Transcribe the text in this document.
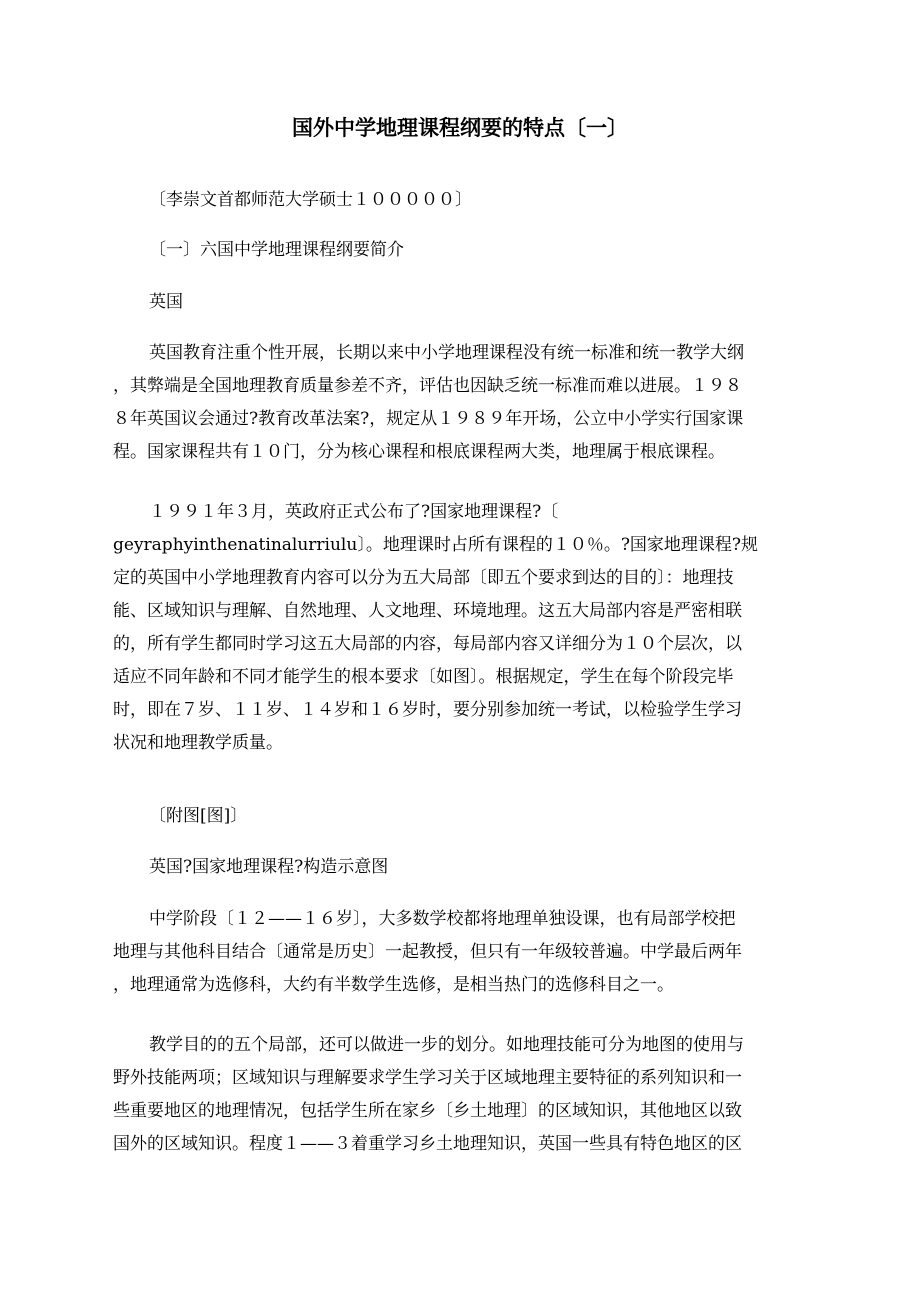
国外中学地理课程纲要的特点〔一〕
〔李崇文首都师范大学硕士１０００００〕
〔一〕六国中学地理课程纲要简介
英国
英国教育注重个性开展，长期以来中小学地理课程没有统一标准和统一教学大纲
，其弊端是全国地理教育质量参差不齐，评估也因缺乏统一标准而难以进展。１９８
８年英国议会通过?教育改革法案?，规定从１９８９年开场，公立中小学实行国家课
程。国家课程共有１０门，分为核心课程和根底课程两大类，地理属于根底课程。
１９９１年３月，英政府正式公布了?国家地理课程?〔
geyraphyinthenatinalurriulu〕。地理课时占所有课程的１０％。?国家地理课程?规
定的英国中小学地理教育内容可以分为五大局部〔即五个要求到达的目的〕：地理技
能、区域知识与理解、自然地理、人文地理、环境地理。这五大局部内容是严密相联
的，所有学生都同时学习这五大局部的内容，每局部内容又详细分为１０个层次，以
适应不同年龄和不同才能学生的根本要求〔如图〕。根据规定，学生在每个阶段完毕
时，即在７岁、１１岁、１４岁和１６岁时，要分别参加统一考试，以检验学生学习
状况和地理教学质量。
〔附图[图]〕
英国?国家地理课程?构造示意图
中学阶段〔１２——１６岁〕，大多数学校都将地理单独设课，也有局部学校把
地理与其他科目结合〔通常是历史〕一起教授，但只有一年级较普遍。中学最后两年
，地理通常为选修科，大约有半数学生选修，是相当热门的选修科目之一。
教学目的的五个局部，还可以做进一步的划分。如地理技能可分为地图的使用与
野外技能两项；区域知识与理解要求学生学习关于区域地理主要特征的系列知识和一
些重要地区的地理情况，包括学生所在家乡〔乡土地理〕的区域知识，其他地区以致
国外的区域知识。程度１——３着重学习乡土地理知识，英国一些具有特色地区的区
